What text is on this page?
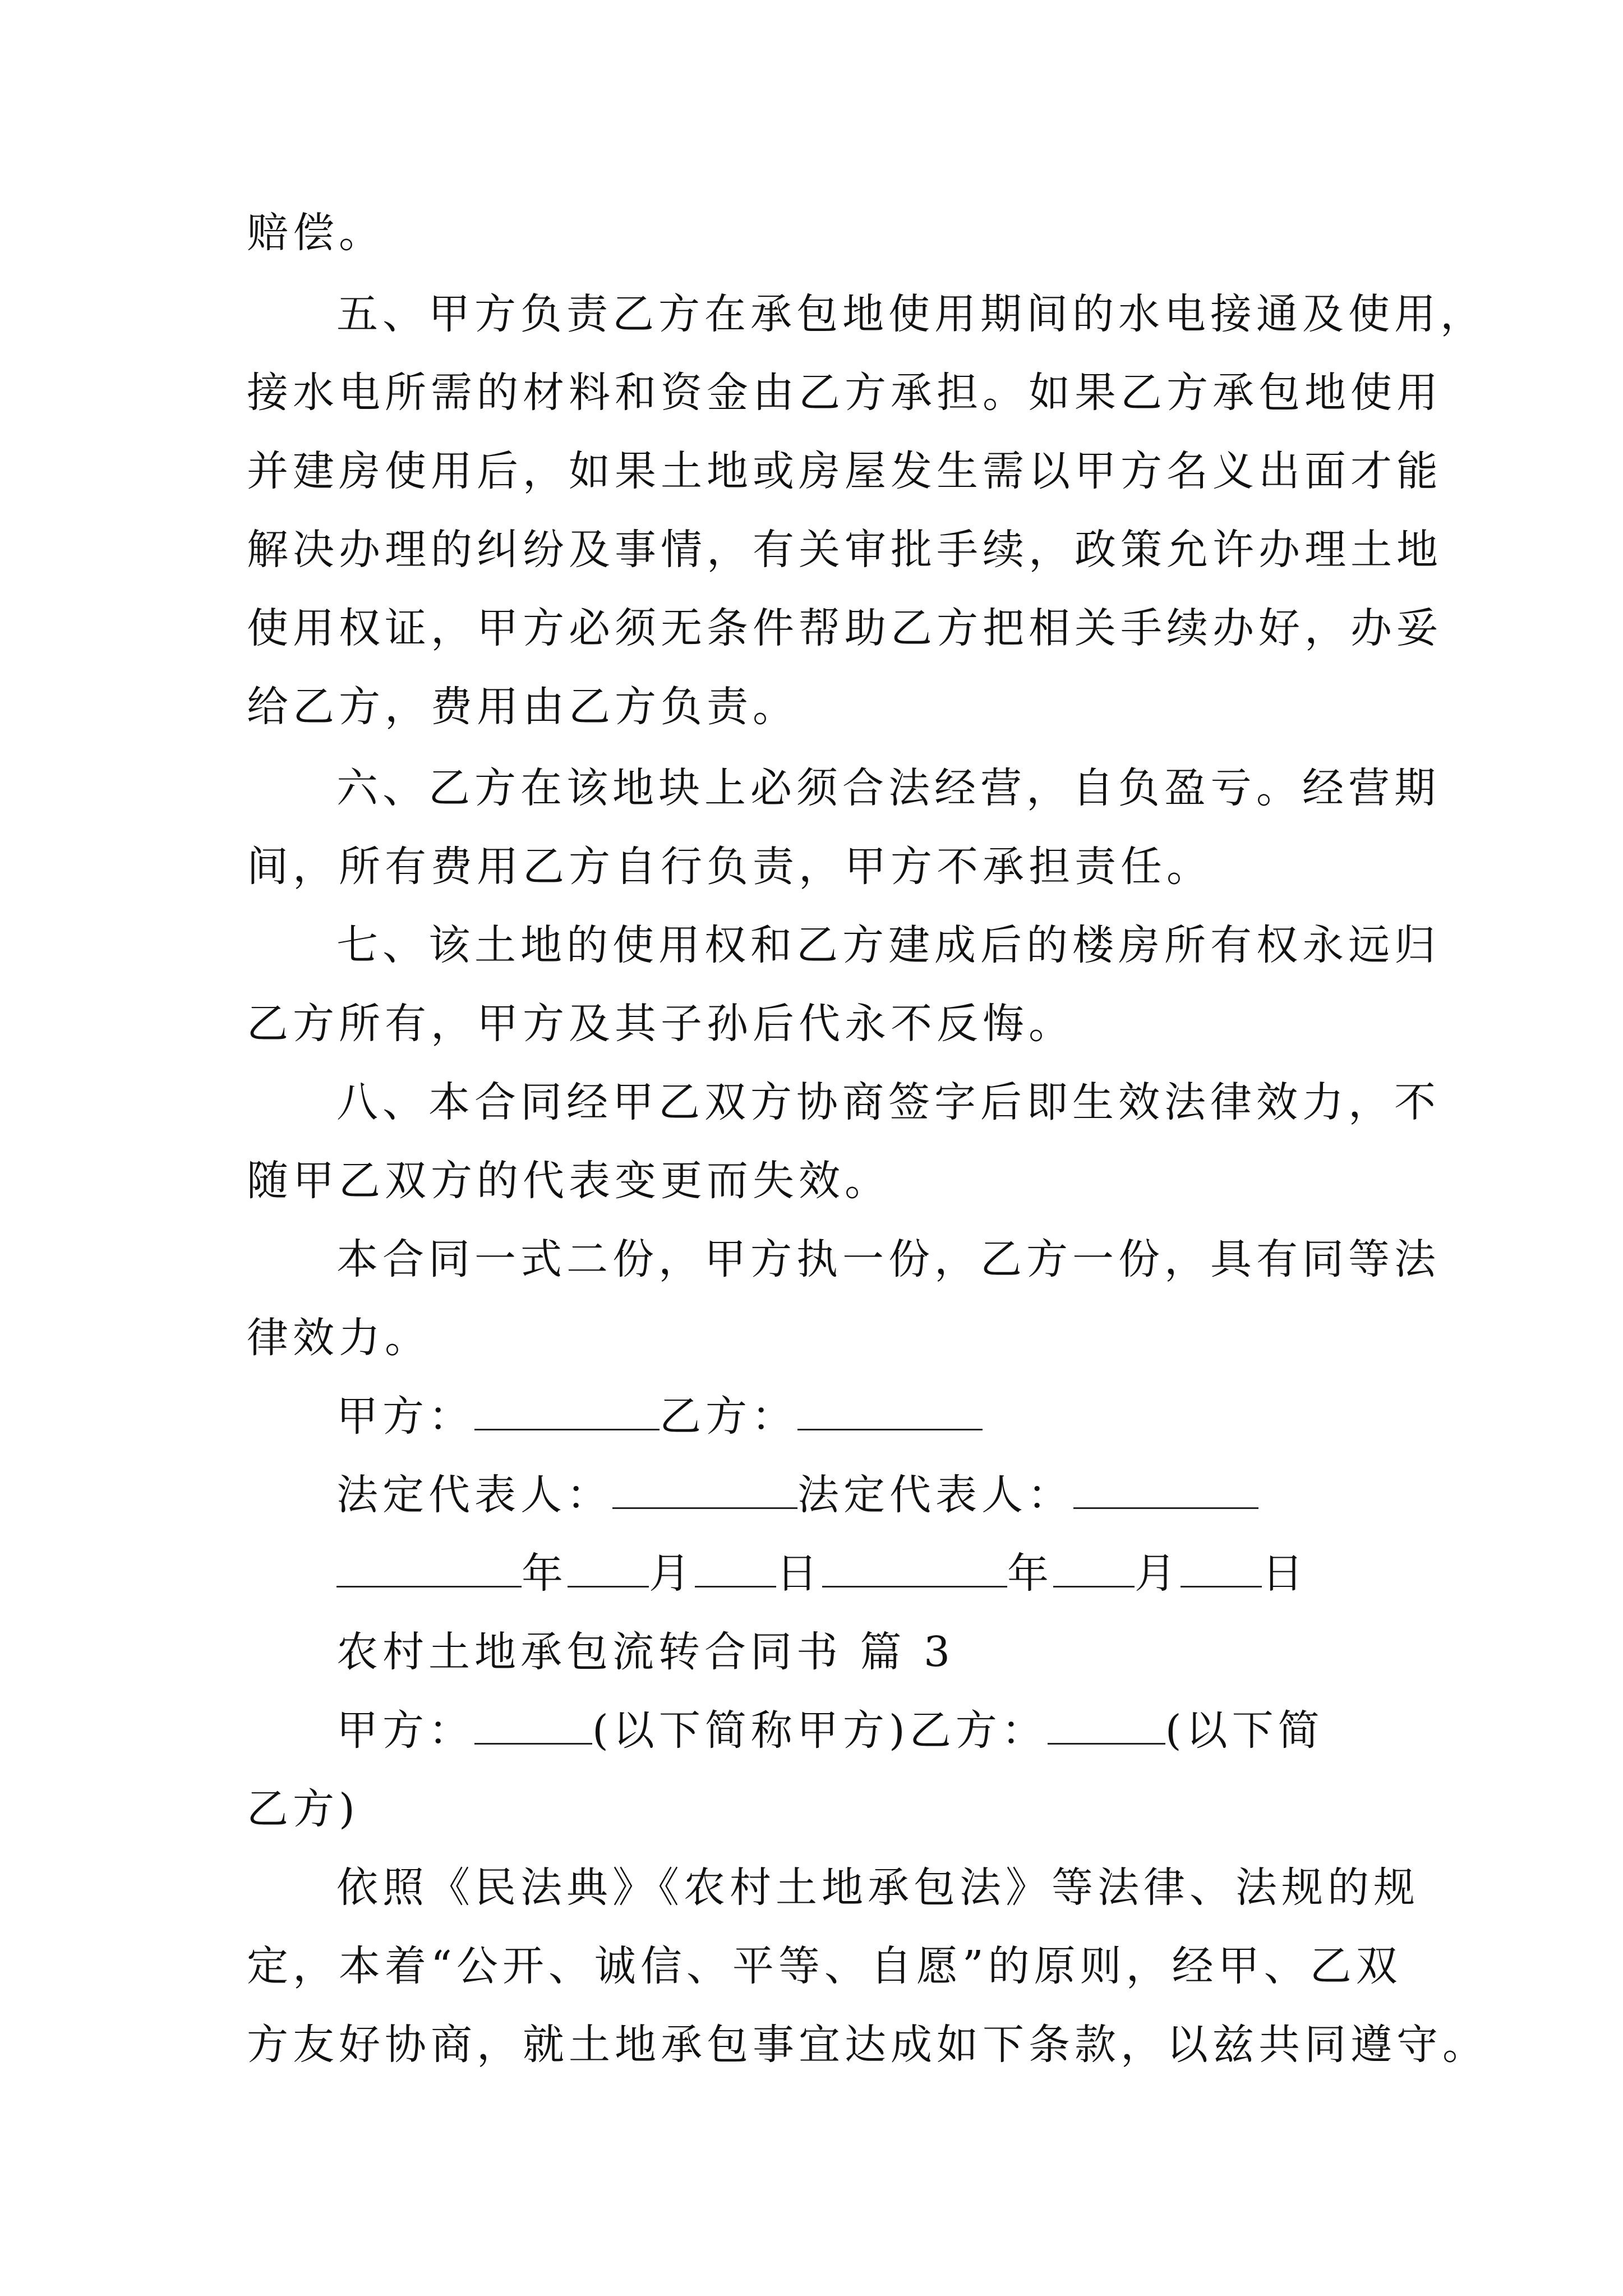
赔偿。
五、甲方负责乙方在承包地使用期间的水电接通及使用，
接水电所需的材料和资金由乙方承担。如果乙方承包地使用
并建房使用后，如果土地或房屋发生需以甲方名义出面才能
解决办理的纠纷及事情，有关审批手续，政策允许办理土地
使用权证，甲方必须无条件帮助乙方把相关手续办好，办妥
给乙方，费用由乙方负责。
六、乙方在该地块上必须合法经营，自负盈亏。经营期
间，所有费用乙方自行负责，甲方不承担责任。
七、该土地的使用权和乙方建成后的楼房所有权永远归
乙方所有，甲方及其子孙后代永不反悔。
八、本合同经甲乙双方协商签字后即生效法律效力，不
随甲乙双方的代表变更而失效。
本合同一式二份，甲方执一份，乙方一份，具有同等法
律效力。
甲方：	乙方：
法定代表人：	法定代表人：
年 月 日	年 月 日
农村土地承包流转合同书 篇 3
甲方：	(以下简称甲方)乙方：	(以下简
乙方)
依照《民法典》《农村土地承包法》等法律、法规的规
定，本着“公开、诚信、平等、自愿”的原则，经甲、乙双
方友好协商，就土地承包事宜达成如下条款，以兹共同遵守。
